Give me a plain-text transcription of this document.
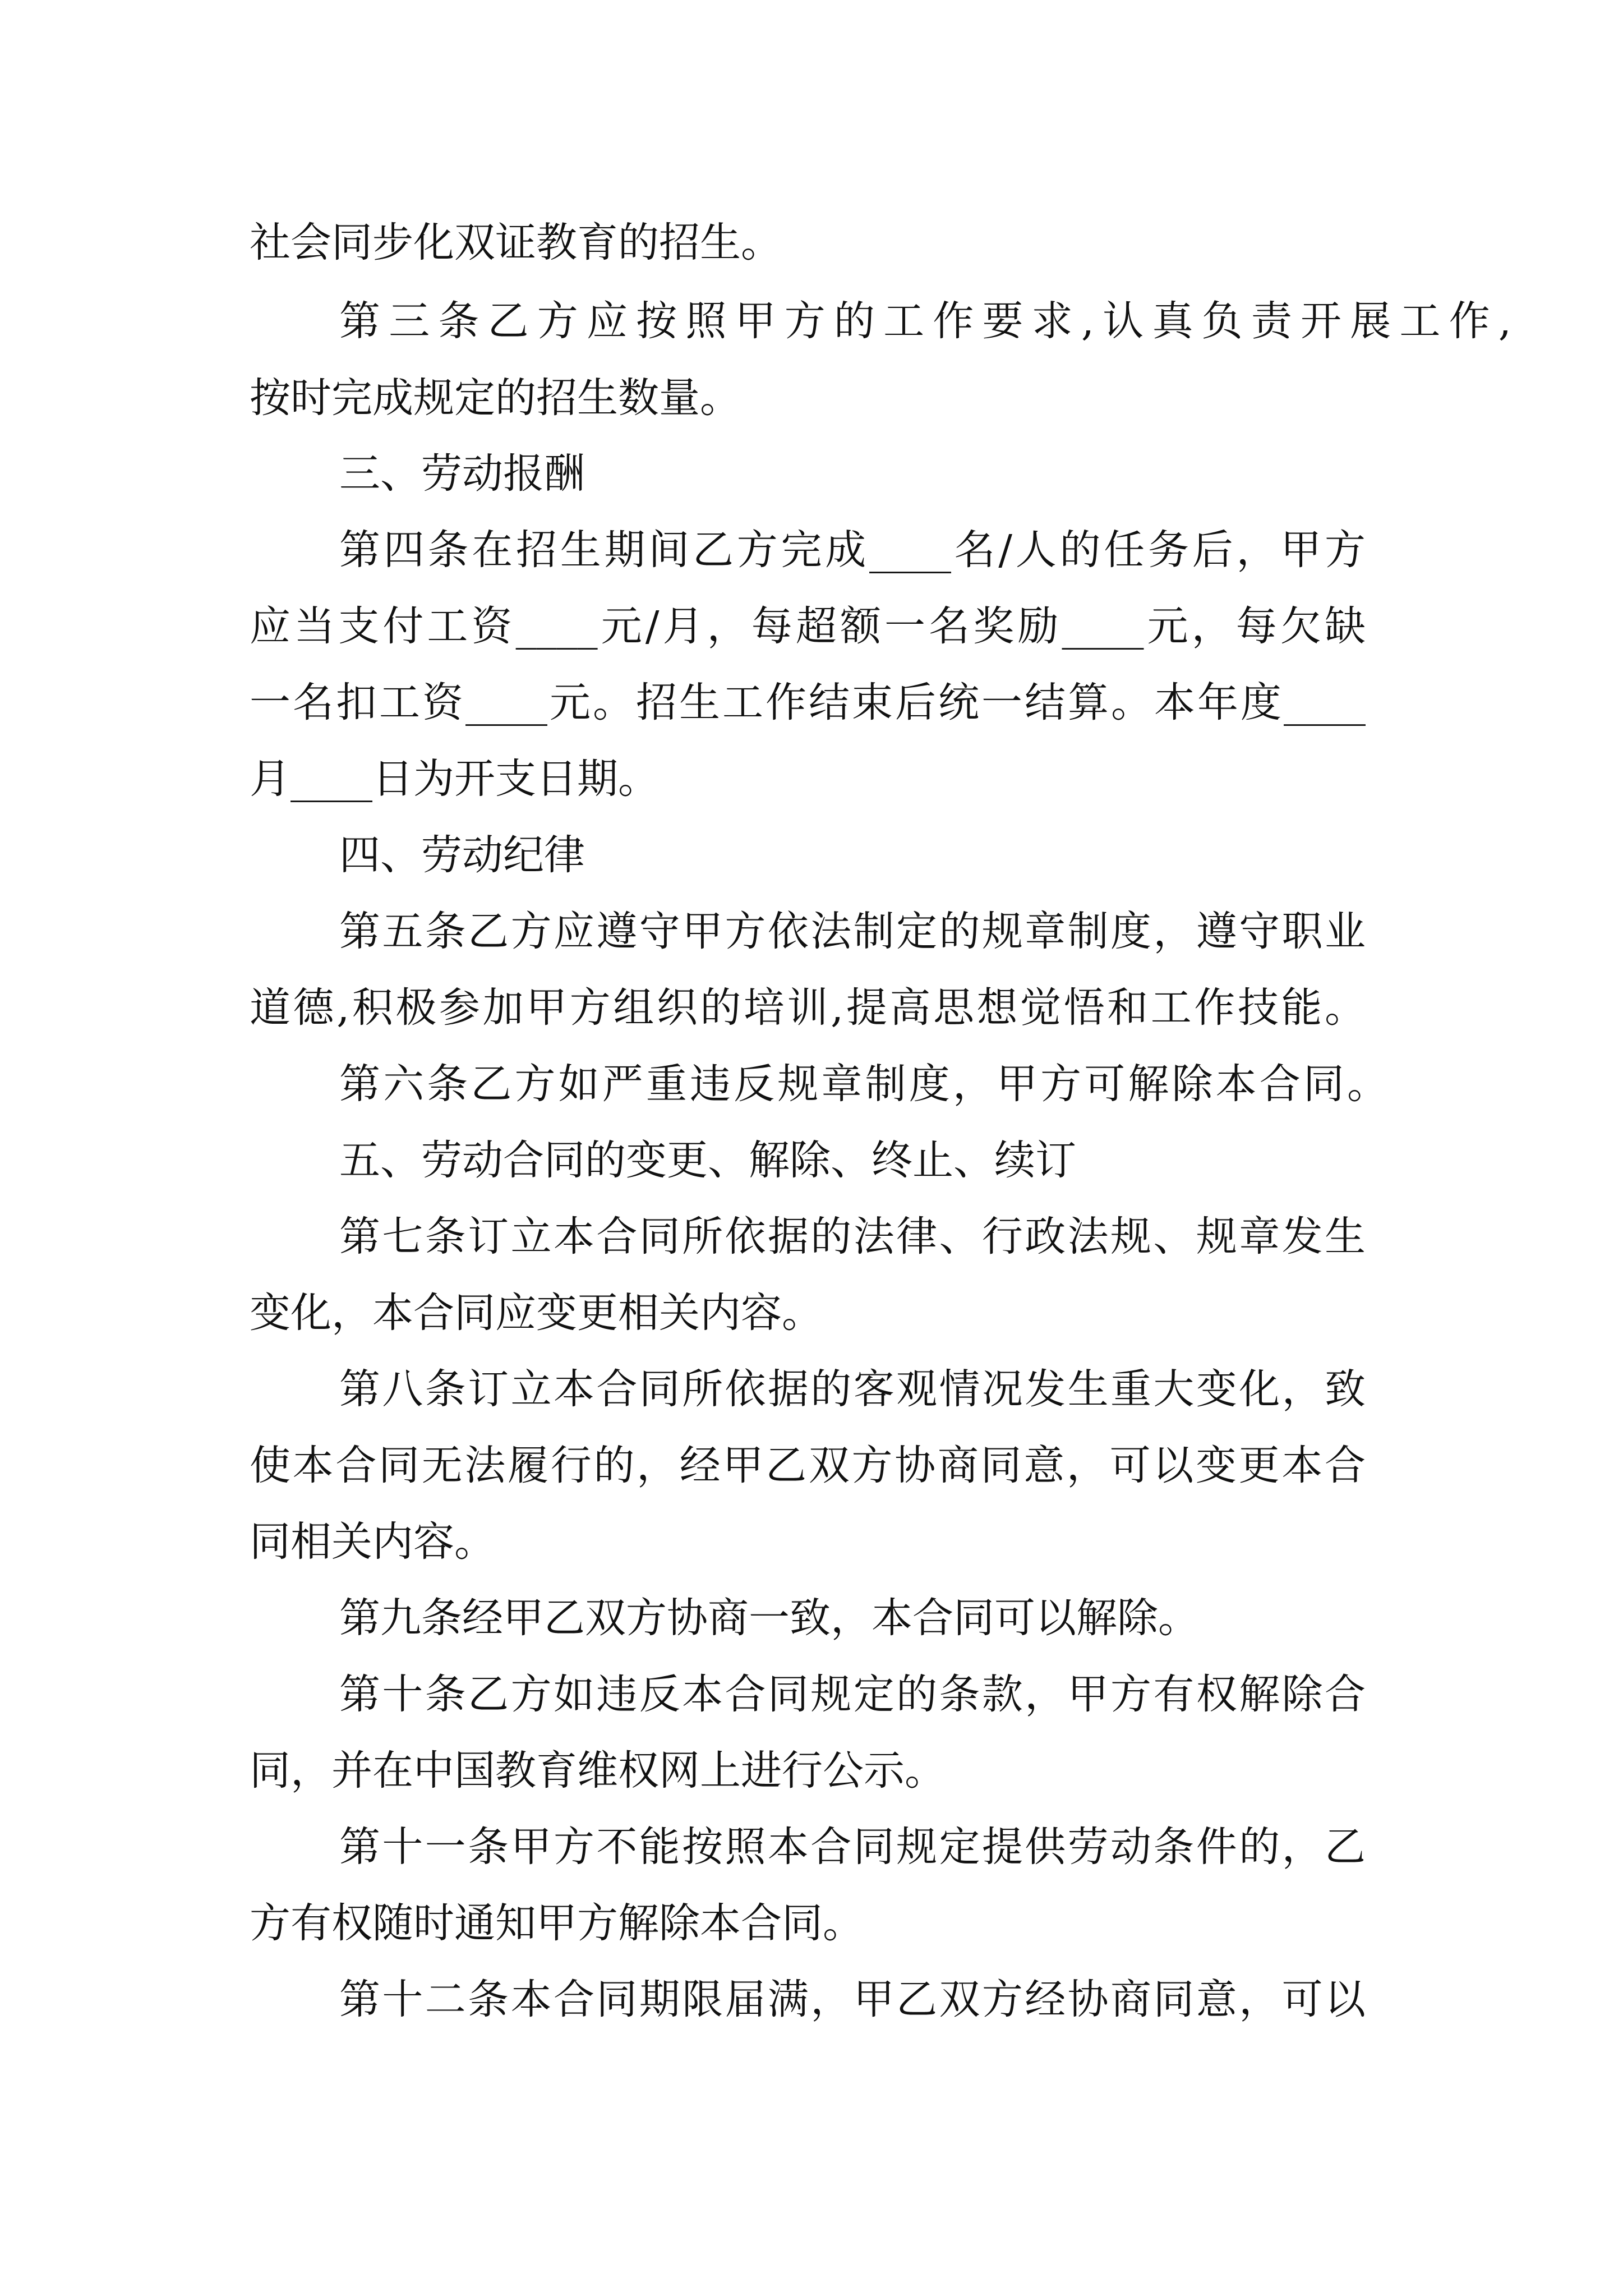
社会同步化双证教育的招生。
第三条乙方应按照甲方的工作要求,认真负责开展工作,
按时完成规定的招生数量。
三、劳动报酬
第四条在招生期间乙方完成____名/人的任务后，甲方
应当支付工资____元/月，每超额一名奖励____元，每欠缺
一名扣工资____元。招生工作结束后统一结算。本年度____
月____日为开支日期。
四、劳动纪律
第五条乙方应遵守甲方依法制定的规章制度，遵守职业
道德,积极参加甲方组织的培训,提高思想觉悟和工作技能。
第六条乙方如严重违反规章制度，甲方可解除本合同。
五、劳动合同的变更、解除、终止、续订
第七条订立本合同所依据的法律、行政法规、规章发生
变化，本合同应变更相关内容。
第八条订立本合同所依据的客观情况发生重大变化，致
使本合同无法履行的，经甲乙双方协商同意，可以变更本合
同相关内容。
第九条经甲乙双方协商一致，本合同可以解除。
第十条乙方如违反本合同规定的条款，甲方有权解除合
同，并在中国教育维权网上进行公示。
第十一条甲方不能按照本合同规定提供劳动条件的，乙
方有权随时通知甲方解除本合同。
第十二条本合同期限届满，甲乙双方经协商同意，可以
